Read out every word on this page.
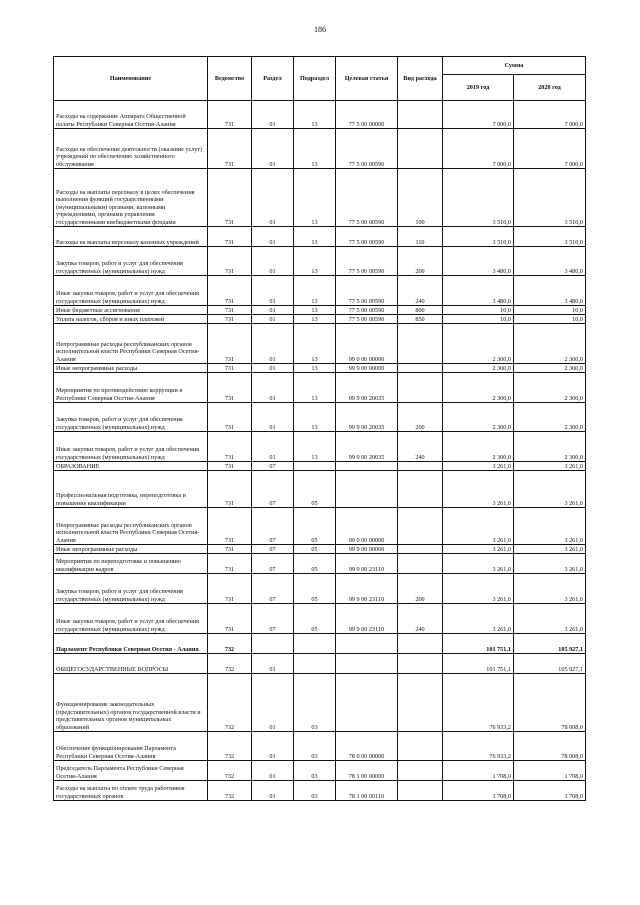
186
Наименование	Ведомство	Раздел	Подраздел	Целевая статья	Вид расхода	Сумма	
						2019 год	2020 год
Расходы на содержание Аппарата Общественной палаты Республики Северная Осетия-Алания	731	01	13	77 5 00 00000		7 000,0	7 000,0
Расходы на обеспечение деятельности (оказание услуг) учреждений по обеспечению хозяйственного обслуживания	731	01	13	77 5 00 00590		7 000,0	7 000,0
Расходы на выплаты персоналу в целях обеспечения выполнения функций государственными (муниципальными) органами, казенными учреждениями, органами управления государственными внебюджетными фондами	731	01	13	77 5 00 00590	100	3 510,0	3 510,0
Расходы на выплаты персоналу казенных учреждений	731	01	13	77 5 00 00590	110	3 510,0	3 510,0
Закупка товаров, работ и услуг для обеспечения государственных (муниципальных) нужд	731	01	13	77 5 00 00590	200	3 480,0	3 480,0
Иные закупки товаров, работ и услуг для обеспечения государственных (муниципальных) нужд	731	01	13	77 5 00 00590	240	3 480,0	3 480,0
Иные бюджетные ассигнования	731	01	13	77 5 00 00590	800	10,0	10,0
Уплата налогов, сборов и иных платежей	731	01	13	77 5 00 00590	850	10,0	10,0
Непрограммные расходы республиканских органов исполнительной власти Республики Северная Осетия-Алания	731	01	13	99 0 00 00000		2 300,0	2 300,0
Иные непрограммные расходы	731	01	13	99 9 00 00000		2 300,0	2 300,0
Мероприятия по противодействию коррупции в Республике Северная Осетия-Алания	731	01	13	99 9 00 20035		2 300,0	2 300,0
Закупка товаров, работ и услуг для обеспечения государственных (муниципальных) нужд	731	01	13	99 9 00 20035	200	2 300,0	2 300,0
Иные закупки товаров, работ и услуг для обеспечения государственных (муниципальных) нужд	731	01	13	99 9 00 20035	240	2 300,0	2 300,0
ОБРАЗОВАНИЕ	731	07				3 261,0	3 261,0
Профессиональная подготовка, переподготовка и повышение квалификации	731	07	05			3 261,0	3 261,0
Непрограммные расходы республиканских органов исполнительной власти Республики Северная Осетия-Алания	731	07	05	99 0 00 00000		3 261,0	3 261,0
Иные непрограммные расходы	731	07	05	99 9 00 00000		3 261,0	3 261,0
Мероприятия по переподготовке и повышению квалификации кадров	731	07	05	99 9 00 23110		3 261,0	3 261,0
Закупка товаров, работ и услуг для обеспечения государственных (муниципальных) нужд	731	07	05	99 9 00 23110	200	3 261,0	3 261,0
Иные закупки товаров, работ и услуг для обеспечения государственных (муниципальных) нужд	731	07	05	99 9 00 23110	240	3 261,0	3 261,0
Парламент Республики Северная Осетия - Алания	732					101 751,1	105 927,1
ОБЩЕГОСУДАРСТВЕННЫЕ ВОПРОСЫ	732	01				101 751,1	105 927,1
Функционирование законодательных (представительных) органов государственной власти и представительных органов муниципальных образований	732	01	03			76 933,2	78 008,0
Обеспечение функционирования Парламента Республики Северная Осетия-Алания	732	01	03	78 0 00 00000		76 933,2	78 008,0
Председатель Парламента Республики Северная Осетия-Алания	732	01	03	78 1 00 00000		1 708,0	1 708,0
Расходы на выплаты по оплате труда работников государственных органов	732	01	03	78 1 00 00110		1 708,0	1 708,0
